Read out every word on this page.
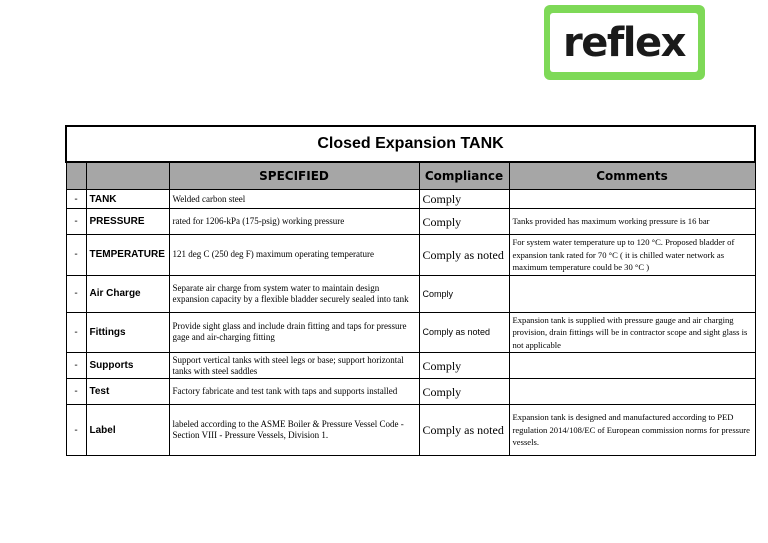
reflex
Closed Expansion TANK				
		SPECIFIED	Compliance	Comments
-	TANK	Welded carbon steel	Comply	
-	PRESSURE	rated for 1206-kPa (175-psig) working pressure	Comply	Tanks provided has maximum working pressure is 16 bar
-	TEMPERATURE	121 deg C (250 deg F) maximum operating temperature	Comply as noted	For system water temperature up to 120 °C. Proposed bladder of expansion tank rated for 70 °C ( it is chilled water network as maximum temperature could be 30 °C )
-	Air Charge	Separate air charge from system water to maintain design expansion capacity by a flexible bladder securely sealed into tank	Comply	
-	Fittings	Provide sight glass and include drain fitting and taps for pressure gage and air-charging fitting	Comply as noted	Expansion tank is supplied with pressure gauge and air charging provision, drain fittings will be in contractor scope and sight glass is not applicable
-	Supports	Support vertical tanks with steel legs or base; support horizontal tanks with steel saddles	Comply	
-	Test	Factory fabricate and test tank with taps and supports installed	Comply	
-	Label	labeled according to the ASME Boiler & Pressure Vessel Code - Section VIII - Pressure Vessels, Division 1.	Comply as noted	Expansion tank is designed and manufactured according to PED regulation 2014/108/EC of European commission norms for pressure vessels.
